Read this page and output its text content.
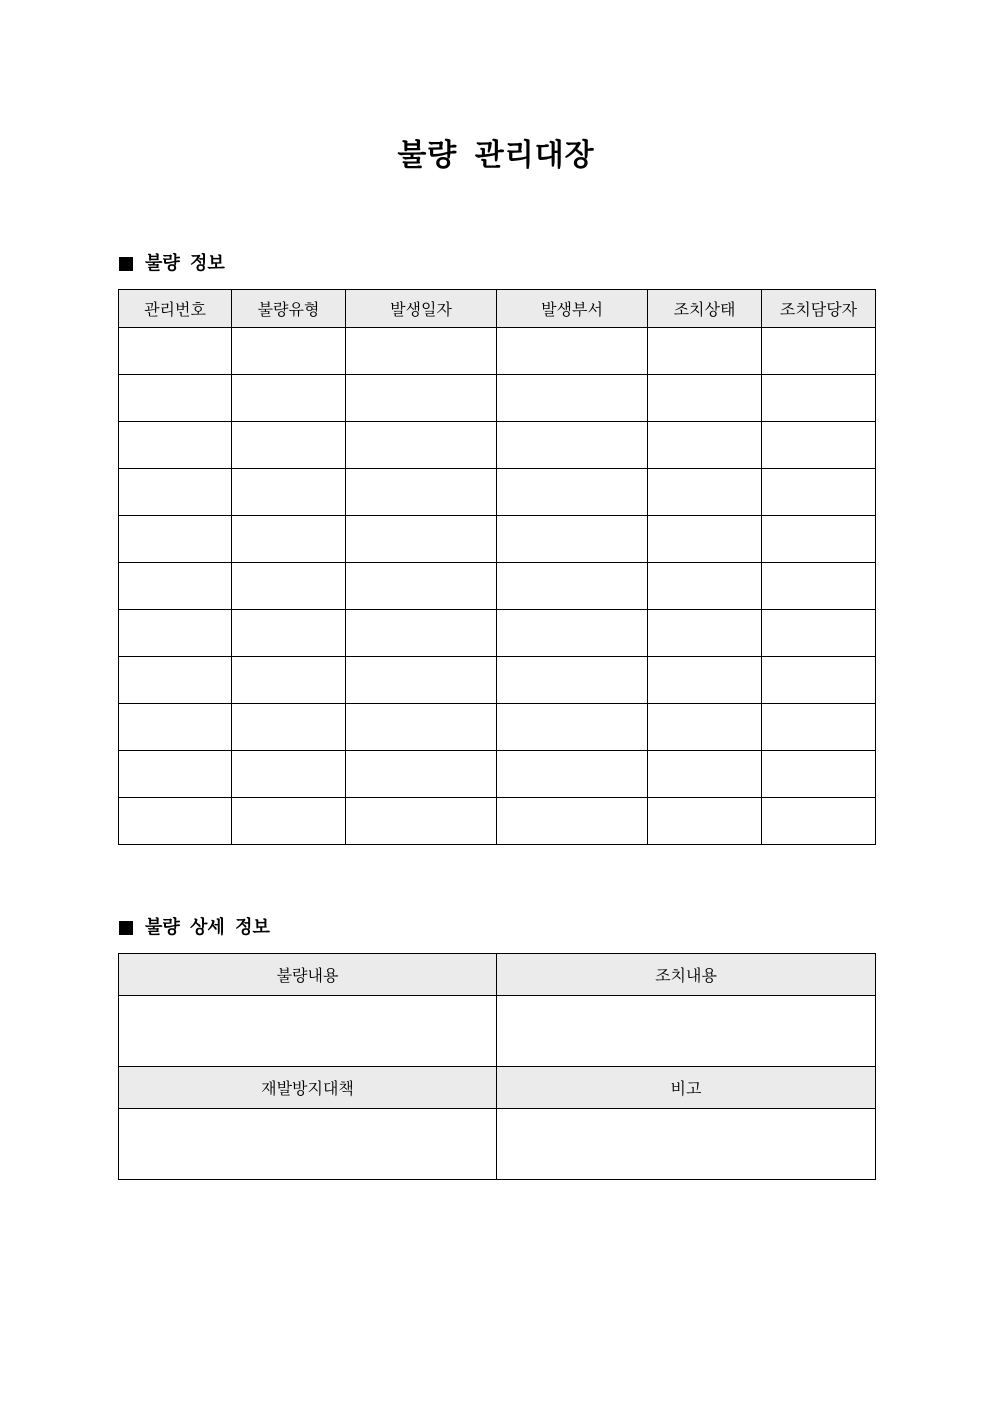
불량 관리대장
불량 정보
관리번호	불량유형	발생일자	발생부서	조치상태	조치담당자

불량 상세 정보
불량내용	조치내용

재발방지대책	비고
